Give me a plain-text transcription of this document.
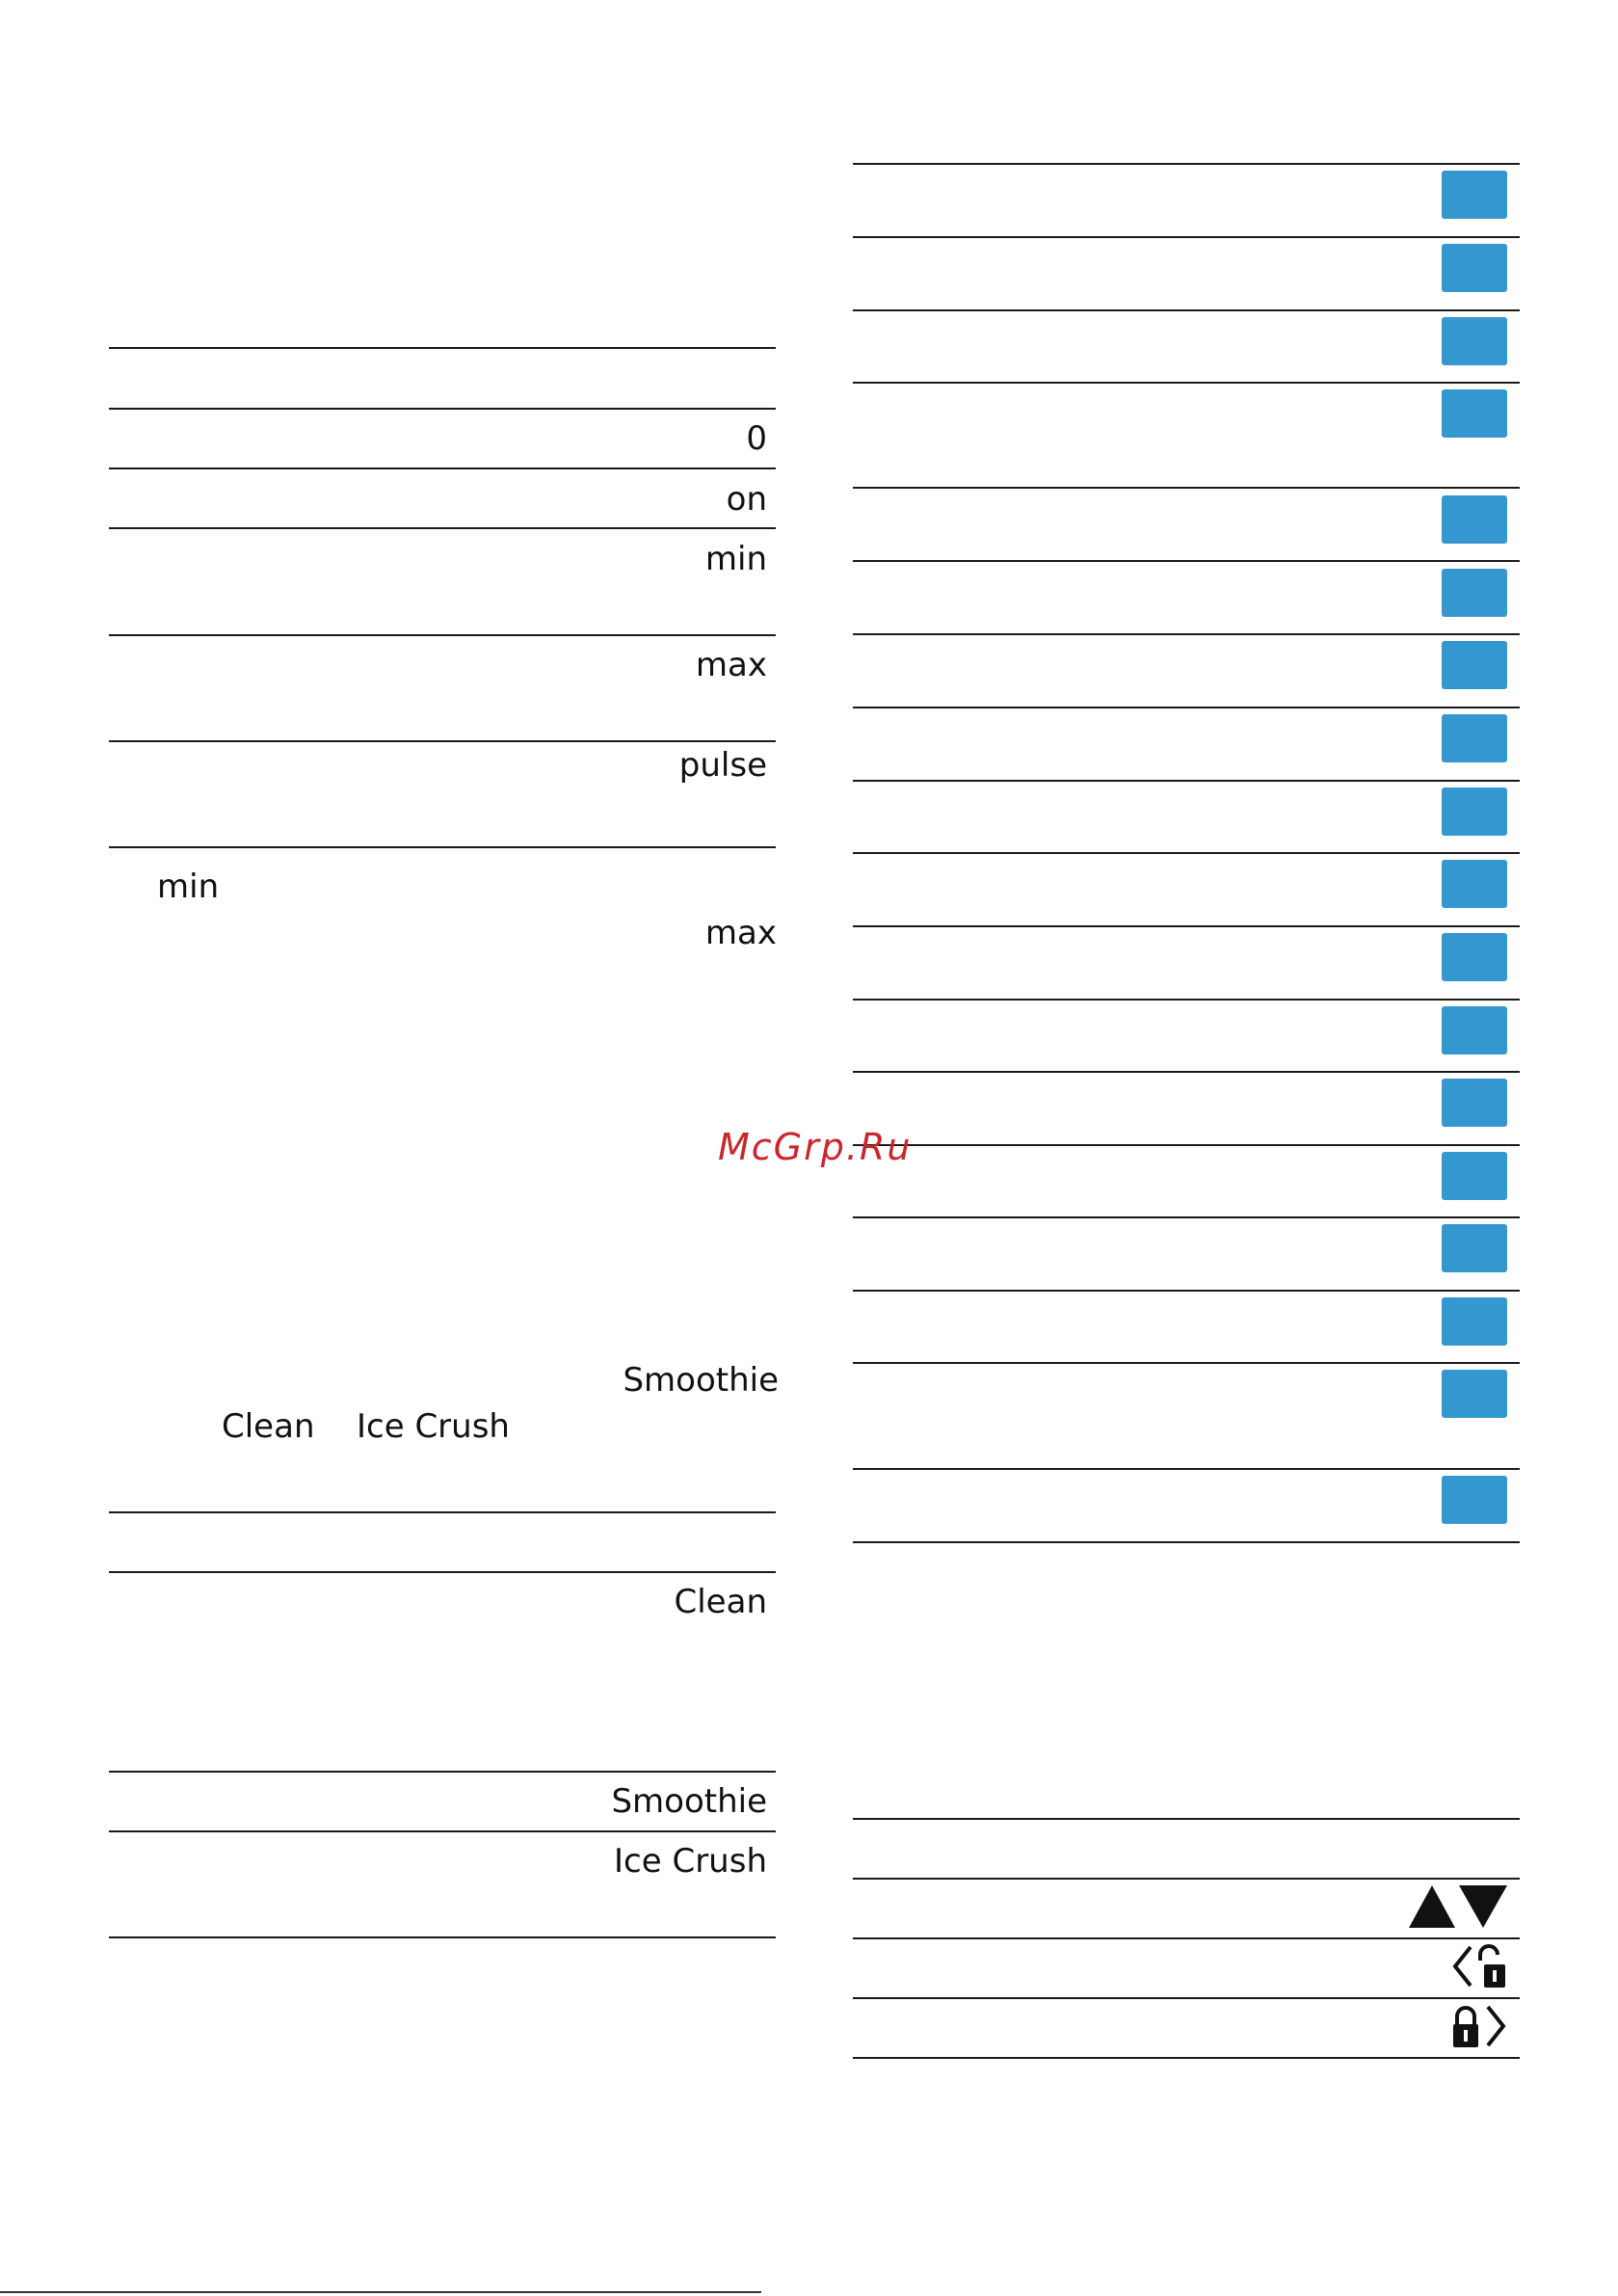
0
on
min
max
pulse
min
max
Smoothie
Clean Ice Crush
Clean
Smoothie
Ice Crush
McGrp.Ru
